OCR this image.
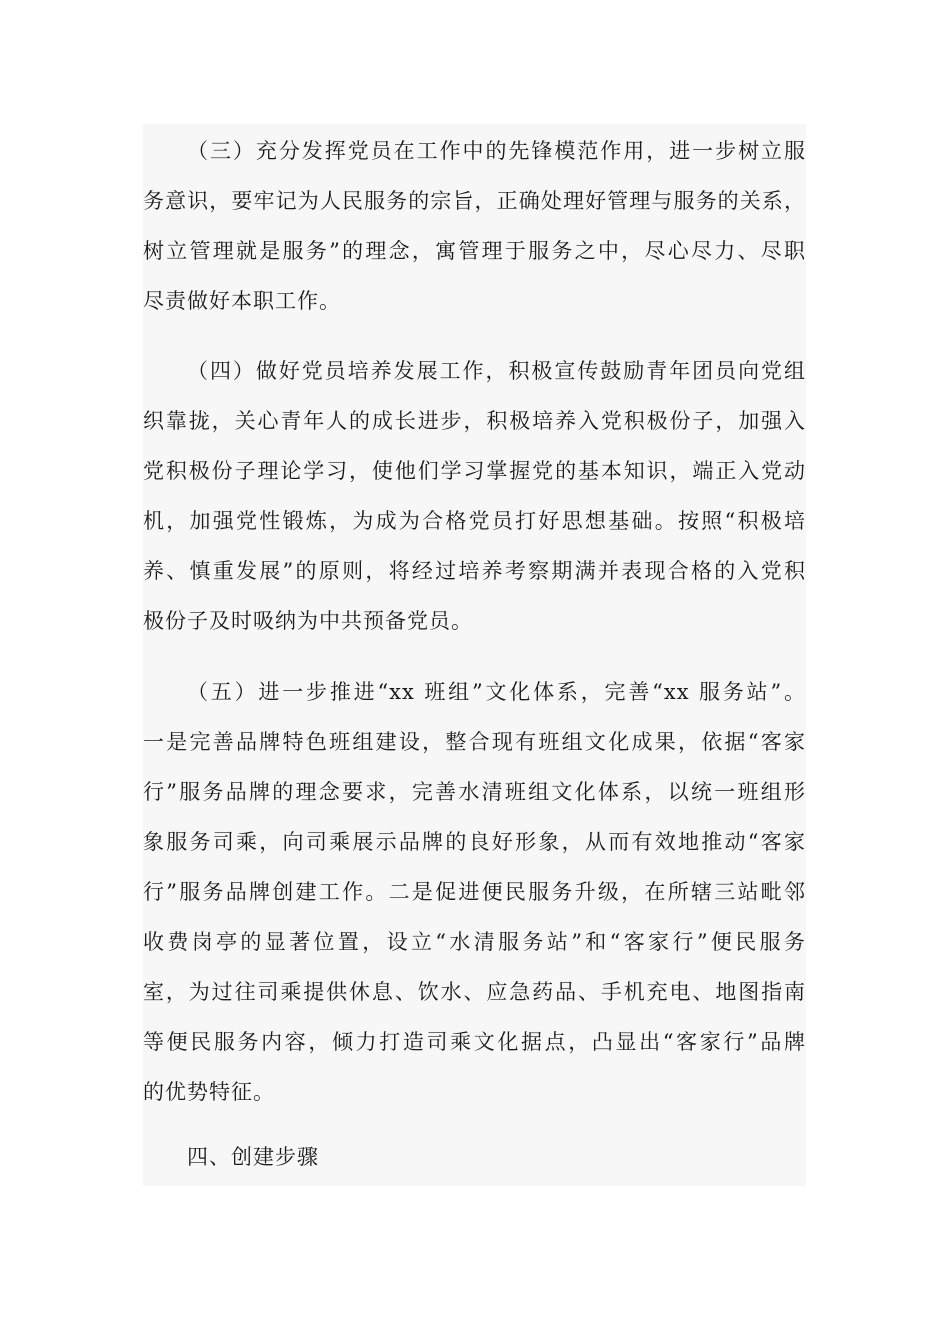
（三）充分发挥党员在工作中的先锋模范作用，进一步树立服
务意识，要牢记为人民服务的宗旨，正确处理好管理与服务的关系，
树立管理就是服务”的理念，寓管理于服务之中，尽心尽力、尽职
尽责做好本职工作。
（四）做好党员培养发展工作，积极宣传鼓励青年团员向党组
织靠拢，关心青年人的成长进步，积极培养入党积极份子，加强入
党积极份子理论学习，使他们学习掌握党的基本知识，端正入党动
机，加强党性锻炼，为成为合格党员打好思想基础。按照“积极培
养、慎重发展”的原则，将经过培养考察期满并表现合格的入党积
极份子及时吸纳为中共预备党员。
（五）进一步推进“xx 班组”文化体系，完善“xx 服务站”。
一是完善品牌特色班组建设，整合现有班组文化成果，依据“客家
行”服务品牌的理念要求，完善水清班组文化体系，以统一班组形
象服务司乘，向司乘展示品牌的良好形象，从而有效地推动“客家
行”服务品牌创建工作。二是促进便民服务升级，在所辖三站毗邻
收费岗亭的显著位置，设立“水清服务站”和“客家行”便民服务
室，为过往司乘提供休息、饮水、应急药品、手机充电、地图指南
等便民服务内容，倾力打造司乘文化据点，凸显出“客家行”品牌
的优势特征。
四、创建步骤
